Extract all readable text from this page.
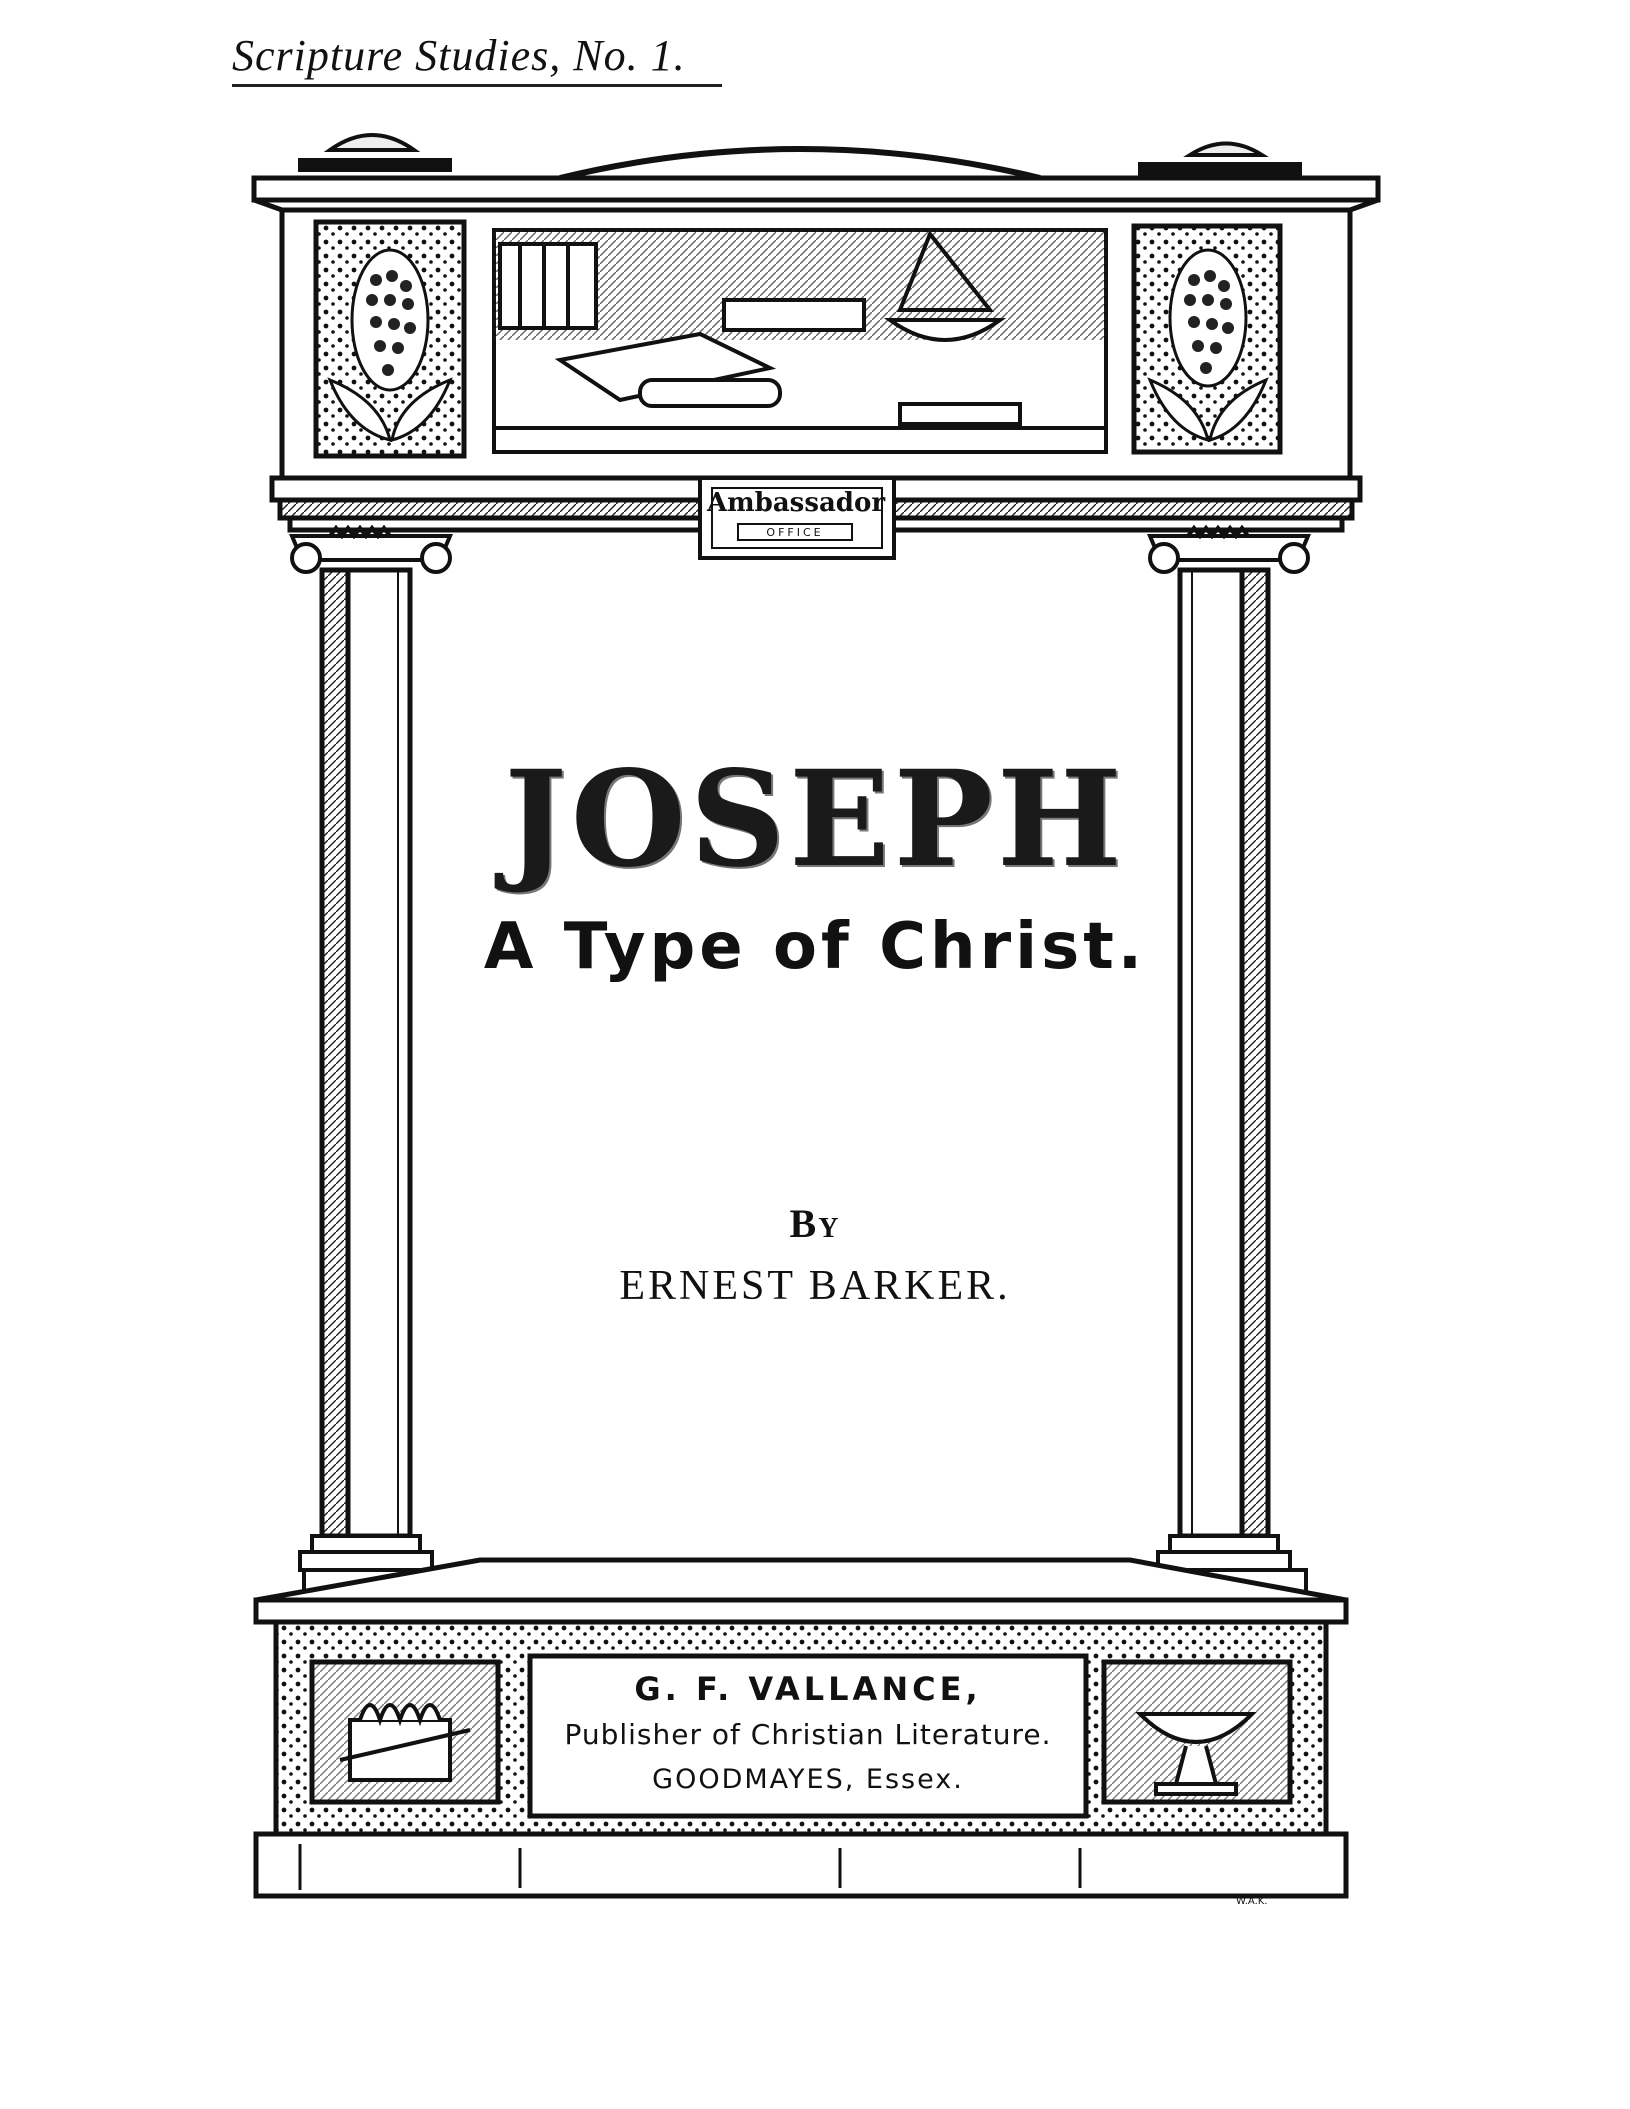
Scripture Studies, No. 1.
Ambassador
OFFICE
JOSEPH
A Type of Christ.
By
ERNEST BARKER.
G. F. VALLANCE,
Publisher of Christian Literature.
GOODMAYES, Essex.
W.A.K.
